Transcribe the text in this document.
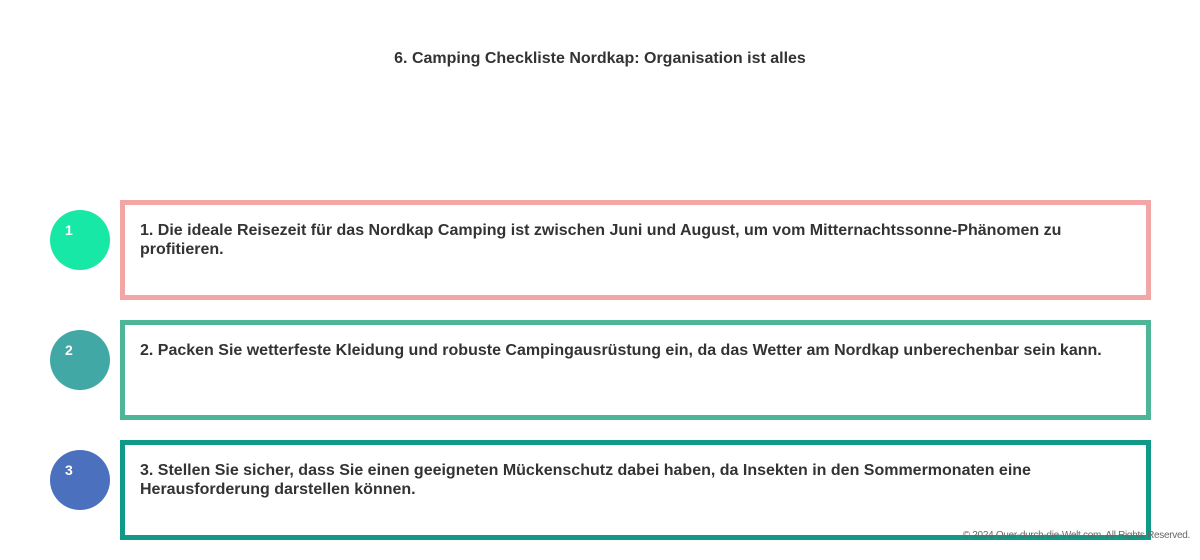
6. Camping Checkliste Nordkap: Organisation ist alles
1	1. Die ideale Reisezeit für das Nordkap Camping ist zwischen Juni und August, um vom Mitternachtssonne-Phänomen zu profitieren.
2	2. Packen Sie wetterfeste Kleidung und robuste Campingausrüstung ein, da das Wetter am Nordkap unberechenbar sein kann.
3	3. Stellen Sie sicher, dass Sie einen geeigneten Mückenschutz dabei haben, da Insekten in den Sommermonaten eine Herausforderung darstellen können.
© 2024 Quer-durch-die-Welt.com. All Rights Reserved.
